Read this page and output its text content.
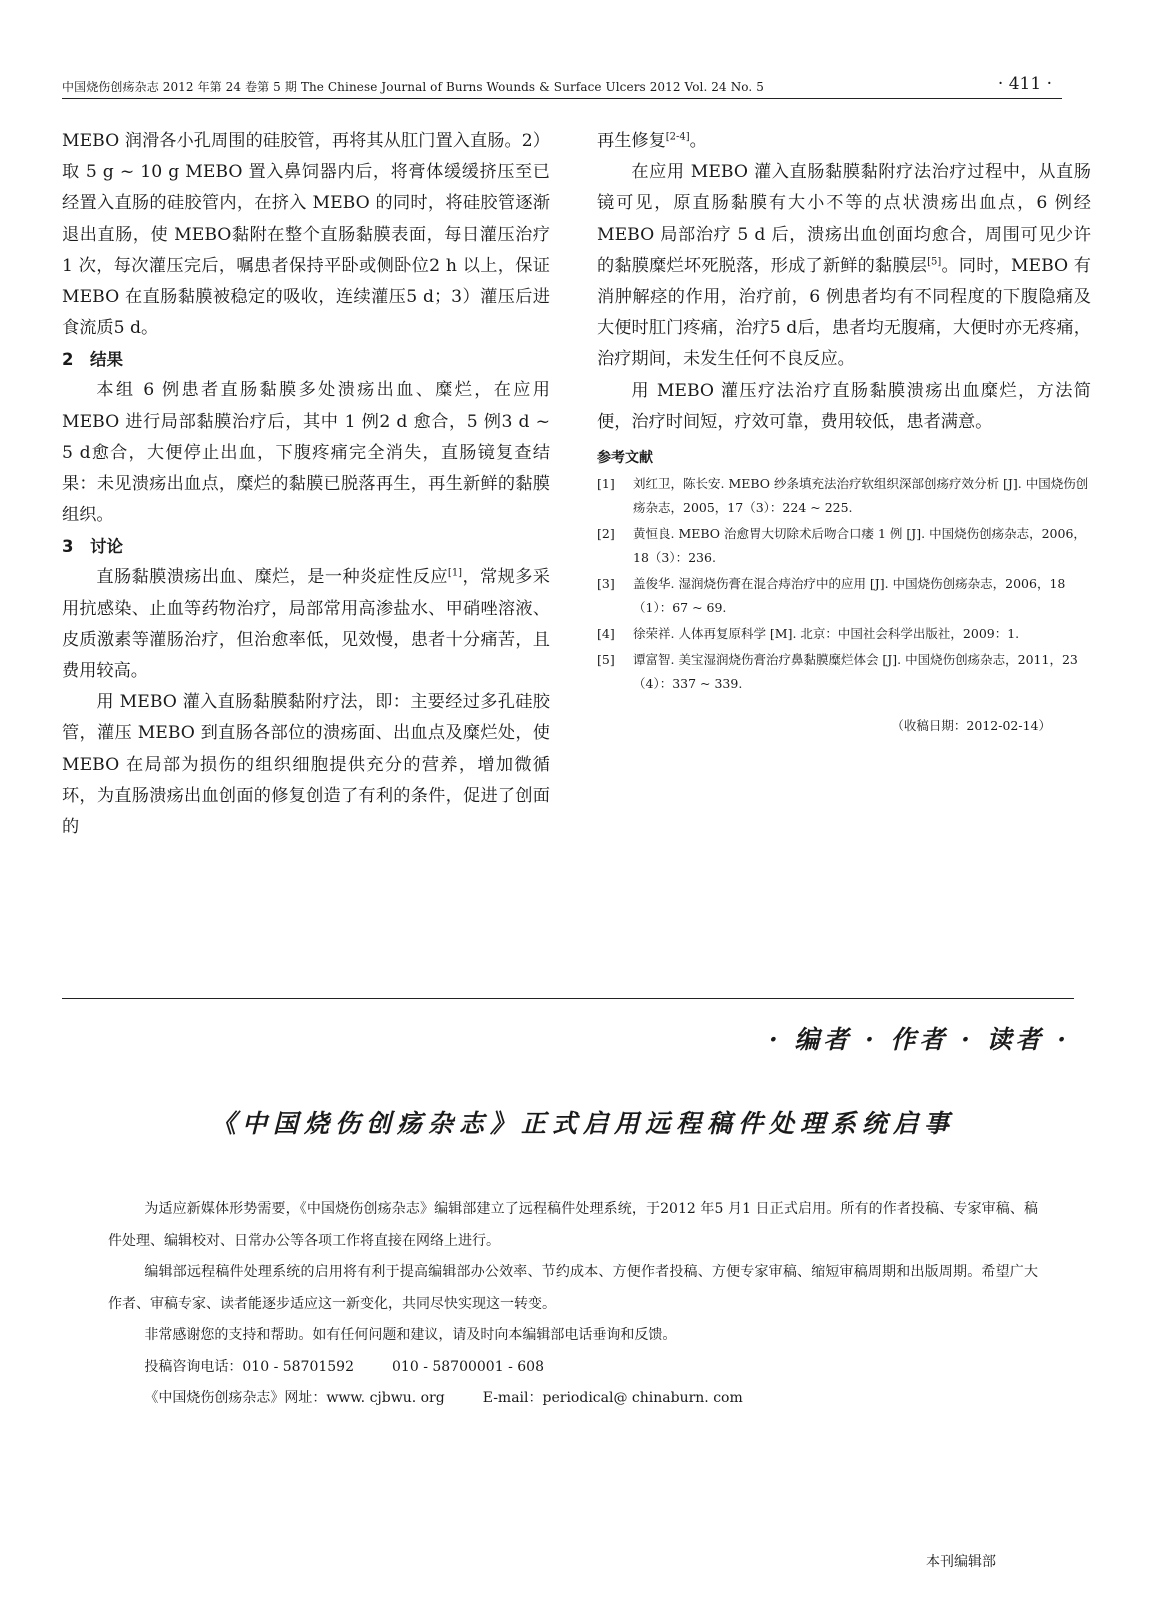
中国烧伤创疡杂志 2012 年第 24 卷第 5 期 The Chinese Journal of Burns Wounds & Surface Ulcers 2012 Vol. 24 No. 5	· 411 ·

MEBO 润滑各小孔周围的硅胶管，再将其从肛门置入直肠。2）取 5 g ~ 10 g MEBO 置入鼻饲器内后，将膏体缓缓挤压至已经置入直肠的硅胶管内，在挤入 MEBO 的同时，将硅胶管逐渐退出直肠，使 MEBO黏附在整个直肠黏膜表面，每日灌压治疗 1 次，每次灌压完后，嘱患者保持平卧或侧卧位2 h 以上，保证 MEBO 在直肠黏膜被稳定的吸收，连续灌压5 d；3）灌压后进食流质5 d。

2　结果

本组 6 例患者直肠黏膜多处溃疡出血、糜烂，在应用 MEBO 进行局部黏膜治疗后，其中 1 例2 d 愈合，5 例3 d ~ 5 d愈合，大便停止出血，下腹疼痛完全消失，直肠镜复查结果：未见溃疡出血点，糜烂的黏膜已脱落再生，再生新鲜的黏膜组织。

3　讨论

直肠黏膜溃疡出血、糜烂，是一种炎症性反应[1]，常规多采用抗感染、止血等药物治疗，局部常用高渗盐水、甲硝唑溶液、皮质激素等灌肠治疗，但治愈率低，见效慢，患者十分痛苦，且费用较高。

用 MEBO 灌入直肠黏膜黏附疗法，即：主要经过多孔硅胶管，灌压 MEBO 到直肠各部位的溃疡面、出血点及糜烂处，使 MEBO 在局部为损伤的组织细胞提供充分的营养，增加微循环，为直肠溃疡出血创面的修复创造了有利的条件，促进了创面的

再生修复[2-4]。

在应用 MEBO 灌入直肠黏膜黏附疗法治疗过程中，从直肠镜可见，原直肠黏膜有大小不等的点状溃疡出血点，6 例经 MEBO 局部治疗 5 d 后，溃疡出血创面均愈合，周围可见少许的黏膜糜烂坏死脱落，形成了新鲜的黏膜层[5]。同时，MEBO 有消肿解痉的作用，治疗前，6 例患者均有不同程度的下腹隐痛及大便时肛门疼痛，治疗5 d后，患者均无腹痛，大便时亦无疼痛，治疗期间，未发生任何不良反应。

用 MEBO 灌压疗法治疗直肠黏膜溃疡出血糜烂，方法简便，治疗时间短，疗效可靠，费用较低，患者满意。

参考文献

[1]	刘红卫，陈长安. MEBO 纱条填充法治疗软组织深部创疡疗效分析 [J]. 中国烧伤创疡杂志，2005，17（3）：224 ~ 225.
[2]	黄恒良. MEBO 治愈胃大切除术后吻合口瘘 1 例 [J]. 中国烧伤创疡杂志，2006，18（3）：236.
[3]	盖俊华. 湿润烧伤膏在混合痔治疗中的应用 [J]. 中国烧伤创疡杂志，2006，18（1）：67 ~ 69.
[4]	徐荣祥. 人体再复原科学 [M]. 北京：中国社会科学出版社，2009：1.
[5]	谭富智. 美宝湿润烧伤膏治疗鼻黏膜糜烂体会 [J]. 中国烧伤创疡杂志，2011，23（4）：337 ~ 339.
（收稿日期：2012-02-14）
· 编者 · 作者 · 读者 ·
《中国烧伤创疡杂志》正式启用远程稿件处理系统启事

为适应新媒体形势需要，《中国烧伤创疡杂志》编辑部建立了远程稿件处理系统，于2012 年5 月1 日正式启用。所有的作者投稿、专家审稿、稿件处理、编辑校对、日常办公等各项工作将直接在网络上进行。

编辑部远程稿件处理系统的启用将有利于提高编辑部办公效率、节约成本、方便作者投稿、方便专家审稿、缩短审稿周期和出版周期。希望广大作者、审稿专家、读者能逐步适应这一新变化，共同尽快实现这一转变。

非常感谢您的支持和帮助。如有任何问题和建议，请及时向本编辑部电话垂询和反馈。

投稿咨询电话：010 - 58701592	010 - 58700001 - 608

《中国烧伤创疡杂志》网址：www. cjbwu. org	E-mail：periodical@ chinaburn. com

本刊编辑部
